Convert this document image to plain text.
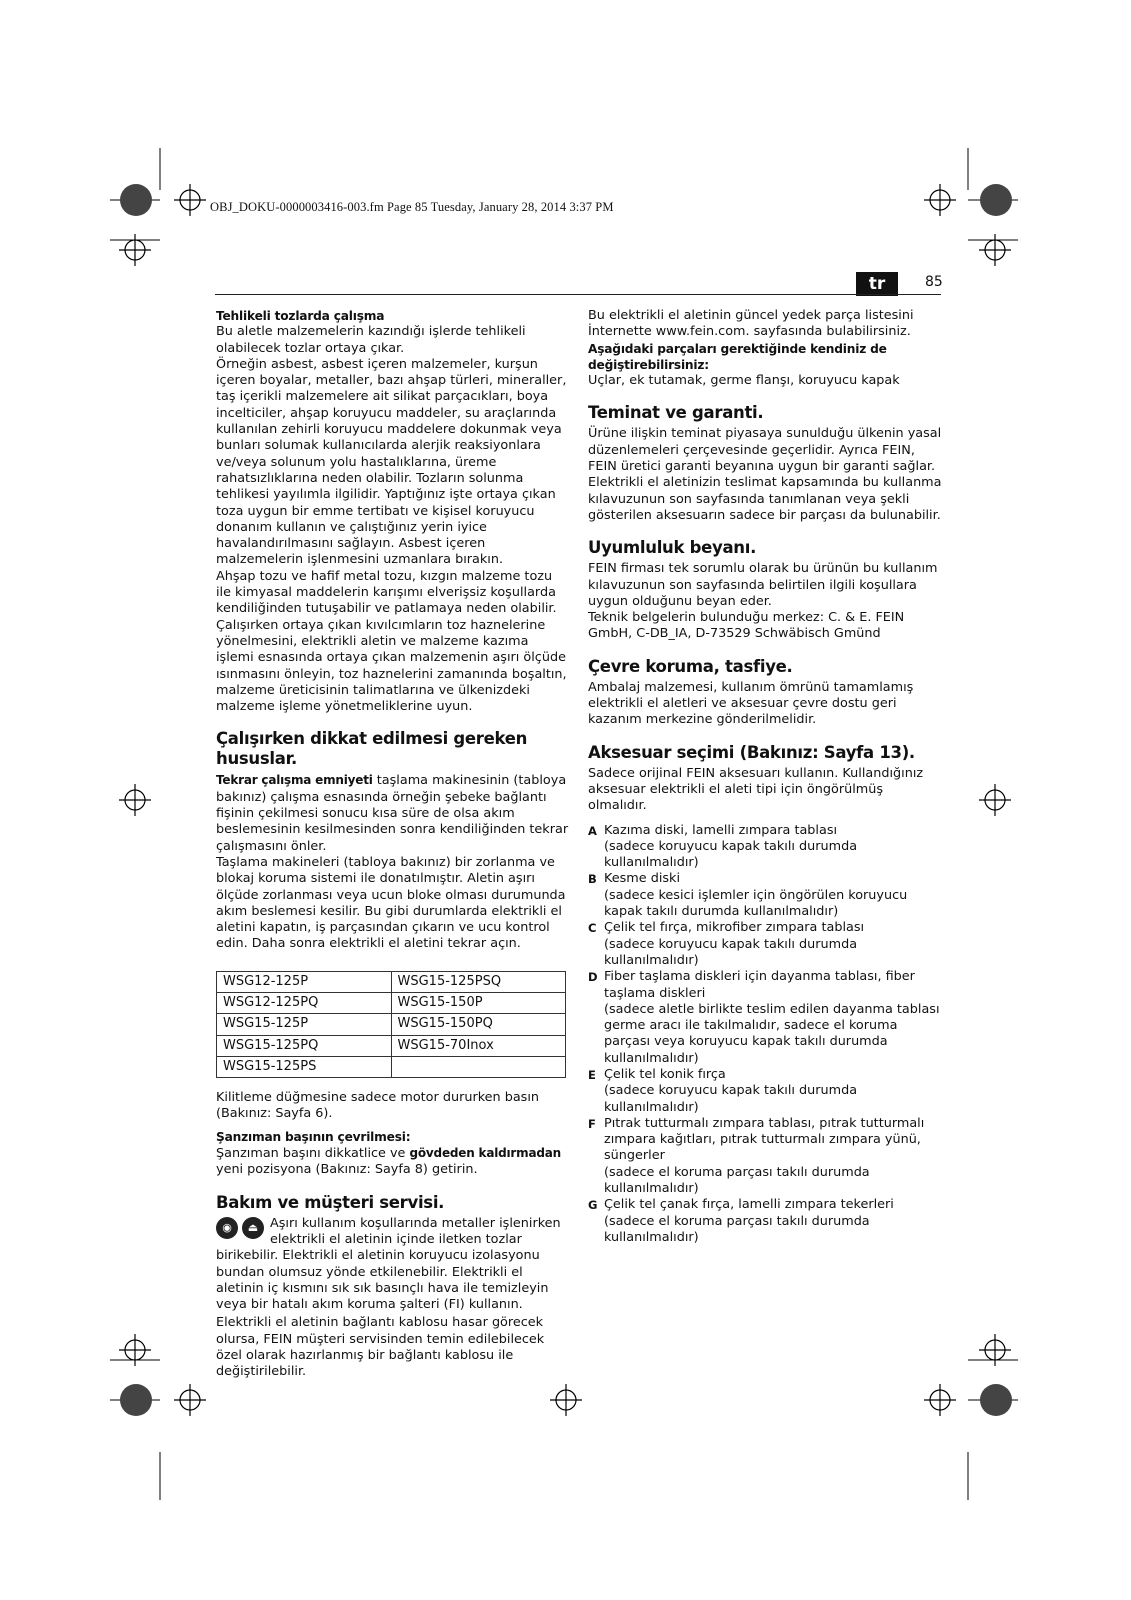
OBJ_DOKU-0000003416-003.fm Page 85 Tuesday, January 28, 2014 3:37 PM
tr	85

Tehlikeli tozlarda çalışma

Bu aletle malzemelerin kazındığı işlerde tehlikeli olabilecek tozlar ortaya çıkar.

Örneğin asbest, asbest içeren malzemeler, kurşun içeren boyalar, metaller, bazı ahşap türleri, mineraller, taş içerikli malzemelere ait silikat parçacıkları, boya incelticiler, ahşap koruyucu maddeler, su araçlarında kullanılan zehirli koruyucu maddelere dokunmak veya bunları solumak kullanıcılarda alerjik reaksiyonlara ve/veya solunum yolu hastalıklarına, üreme rahatsızlıklarına neden olabilir. Tozların solunma tehlikesi yayılımla ilgilidir. Yaptığınız işte ortaya çıkan toza uygun bir emme tertibatı ve kişisel koruyucu donanım kullanın ve çalıştığınız yerin iyice havalandırılmasını sağlayın. Asbest içeren malzemelerin işlenmesini uzmanlara bırakın.

Ahşap tozu ve hafif metal tozu, kızgın malzeme tozu ile kimyasal maddelerin karışımı elverişsiz koşullarda kendiliğinden tutuşabilir ve patlamaya neden olabilir. Çalışırken ortaya çıkan kıvılcımların toz haznelerine yönelmesini, elektrikli aletin ve malzeme kazıma işlemi esnasında ortaya çıkan malzemenin aşırı ölçüde ısınmasını önleyin, toz haznelerini zamanında boşaltın, malzeme üreticisinin talimatlarına ve ülkenizdeki malzeme işleme yönetmeliklerine uyun.

Çalışırken dikkat edilmesi gereken hususlar.

Tekrar çalışma emniyeti taşlama makinesinin (tabloya bakınız) çalışma esnasında örneğin şebeke bağlantı fişinin çekilmesi sonucu kısa süre de olsa akım beslemesinin kesilmesinden sonra kendiliğinden tekrar çalışmasını önler.

Taşlama makineleri (tabloya bakınız) bir zorlanma ve blokaj koruma sistemi ile donatılmıştır. Aletin aşırı ölçüde zorlanması veya ucun bloke olması durumunda akım beslemesi kesilir. Bu gibi durumlarda elektrikli el aletini kapatın, iş parçasından çıkarın ve ucu kontrol edin. Daha sonra elektrikli el aletini tekrar açın.

WSG12-125P	WSG15-125PSQ
WSG12-125PQ	WSG15-150P
WSG15-125P	WSG15-150PQ
WSG15-125PQ	WSG15-70Inox
WSG15-125PS	

Kilitleme düğmesine sadece motor dururken basın (Bakınız: Sayfa 6).

Şanzıman başının çevrilmesi:

Şanzıman başını dikkatlice ve gövdeden kaldırmadan yeni pozisyona (Bakınız: Sayfa 8) getirin.

Bakım ve müşteri servisi.

◉	⏏ Aşırı kullanım koşullarında metaller işlenirken elektrikli el aletinin içinde iletken tozlar birikebilir. Elektrikli el aletinin koruyucu izolasyonu bundan olumsuz yönde etkilenebilir. Elektrikli el aletinin iç kısmını sık sık basınçlı hava ile temizleyin veya bir hatalı akım koruma şalteri (FI) kullanın.

Elektrikli el aletinin bağlantı kablosu hasar görecek olursa, FEIN müşteri servisinden temin edilebilecek özel olarak hazırlanmış bir bağlantı kablosu ile değiştirilebilir.

Bu elektrikli el aletinin güncel yedek parça listesini İnternette www.fein.com. sayfasında bulabilirsiniz.

Aşağıdaki parçaları gerektiğinde kendiniz de değiştirebilirsiniz:

Uçlar, ek tutamak, germe flanşı, koruyucu kapak

Teminat ve garanti.

Ürüne ilişkin teminat piyasaya sunulduğu ülkenin yasal düzenlemeleri çerçevesinde geçerlidir. Ayrıca FEIN, FEIN üretici garanti beyanına uygun bir garanti sağlar.

Elektrikli el aletinizin teslimat kapsamında bu kullanma kılavuzunun son sayfasında tanımlanan veya şekli gösterilen aksesuarın sadece bir parçası da bulunabilir.

Uyumluluk beyanı.

FEIN firması tek sorumlu olarak bu ürünün bu kullanım kılavuzunun son sayfasında belirtilen ilgili koşullara uygun olduğunu beyan eder.

Teknik belgelerin bulunduğu merkez: C. & E. FEIN GmbH, C-DB_IA, D-73529 Schwäbisch Gmünd

Çevre koruma, tasfiye.

Ambalaj malzemesi, kullanım ömrünü tamamlamış elektrikli el aletleri ve aksesuar çevre dostu geri kazanım merkezine gönderilmelidir.

Aksesuar seçimi (Bakınız: Sayfa 13).

Sadece orijinal FEIN aksesuarı kullanın. Kullandığınız aksesuar elektrikli el aleti tipi için öngörülmüş olmalıdır.

A Kazıma diski, lamelli zımpara tablası
(sadece koruyucu kapak takılı durumda kullanılmalıdır)
B Kesme diski
(sadece kesici işlemler için öngörülen koruyucu kapak takılı durumda kullanılmalıdır)
C Çelik tel fırça, mikrofiber zımpara tablası
(sadece koruyucu kapak takılı durumda kullanılmalıdır)
D Fiber taşlama diskleri için dayanma tablası, fiber taşlama diskleri
(sadece aletle birlikte teslim edilen dayanma tablası germe aracı ile takılmalıdır, sadece el koruma parçası veya koruyucu kapak takılı durumda kullanılmalıdır)
E Çelik tel konik fırça
(sadece koruyucu kapak takılı durumda kullanılmalıdır)
F Pıtrak tutturmalı zımpara tablası, pıtrak tutturmalı zımpara kağıtları, pıtrak tutturmalı zımpara yünü, süngerler
(sadece el koruma parçası takılı durumda kullanılmalıdır)
G Çelik tel çanak fırça, lamelli zımpara tekerleri
(sadece el koruma parçası takılı durumda kullanılmalıdır)
